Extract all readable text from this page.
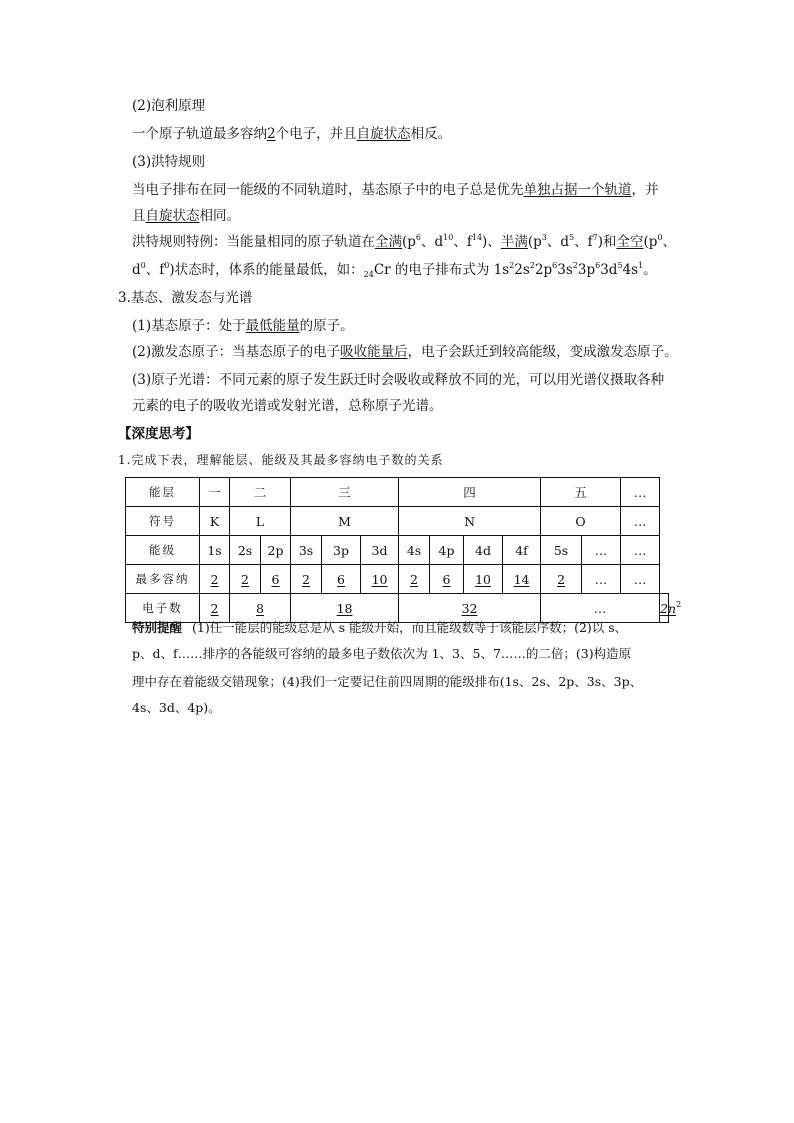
(2)泡利原理
一个原子轨道最多容纳2个电子，并且自旋状态相反。
(3)洪特规则
当电子排布在同一能级的不同轨道时，基态原子中的电子总是优先单独占据一个轨道，并
且自旋状态相同。
洪特规则特例：当能量相同的原子轨道在全满($p^6$、$d^{10}$、$f^{14}$)、半满($p^3$、$d^5$、$f^7$)和全空($p^0$、
$d^0$、$f^0$)状态时，体系的能量最低，如：$_{24}$Cr 的电子排布式为 $1s^22s^22p^63s^23p^63d^54s^1$。
3.基态、激发态与光谱
(1)基态原子：处于最低能量的原子。
(2)激发态原子：当基态原子的电子吸收能量后，电子会跃迁到较高能级，变成激发态原子。
(3)原子光谱：不同元素的原子发生跃迁时会吸收或释放不同的光，可以用光谱仪摄取各种
元素的电子的吸收光谱或发射光谱，总称原子光谱。
【深度思考】
1.完成下表，理解能层、能级及其最多容纳电子数的关系
能层	一	二		三			四				五		…	
符号	K	L		M			N				O		…	
能级	1s	2s	2p	3s	3p	3d	4s	4p	4d	4f	5s	…	…	
最多容纳	2	2	6	2	6	10	2	6	10	14	2	…	…	
电子数	2	8		18			32				…			$2n^2$
特别提醒 (1)任一能层的能级总是从 s 能级开始，而且能级数等于该能层序数；(2)以 s、
p、d、f……排序的各能级可容纳的最多电子数依次为 1、3、5、7……的二倍；(3)构造原
理中存在着能级交错现象；(4)我们一定要记住前四周期的能级排布(1s、2s、2p、3s、3p、
4s、3d、4p)。
